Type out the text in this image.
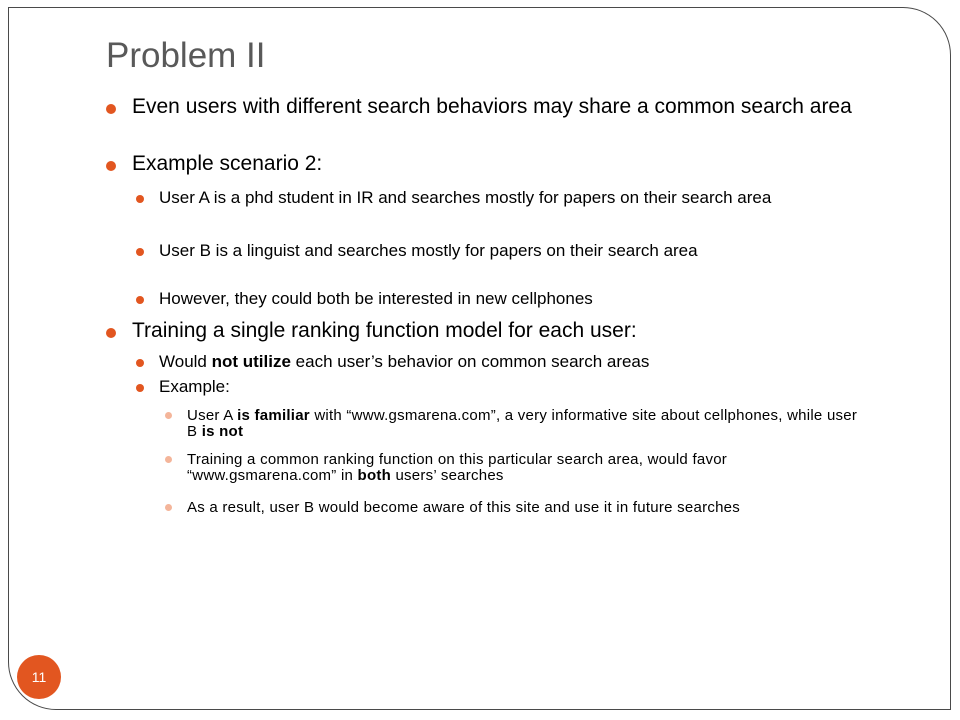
Problem II
Even users with different search behaviors may share a common search area
Example scenario 2:
User A is a phd student in IR and searches mostly for papers on their search area
User B is a linguist and searches mostly for papers on their search area
However, they could both be interested in new cellphones
Training a single ranking function model for each user:
Would not utilize each user’s behavior on common search areas
Example:
User A is familiar with “www.gsmarena.com”, a very informative site about cellphones, while user B is not
Training a common ranking function on this particular search area, would favor “www.gsmarena.com” in both users’ searches
As a result, user B would become aware of this site and use it in future searches
11
